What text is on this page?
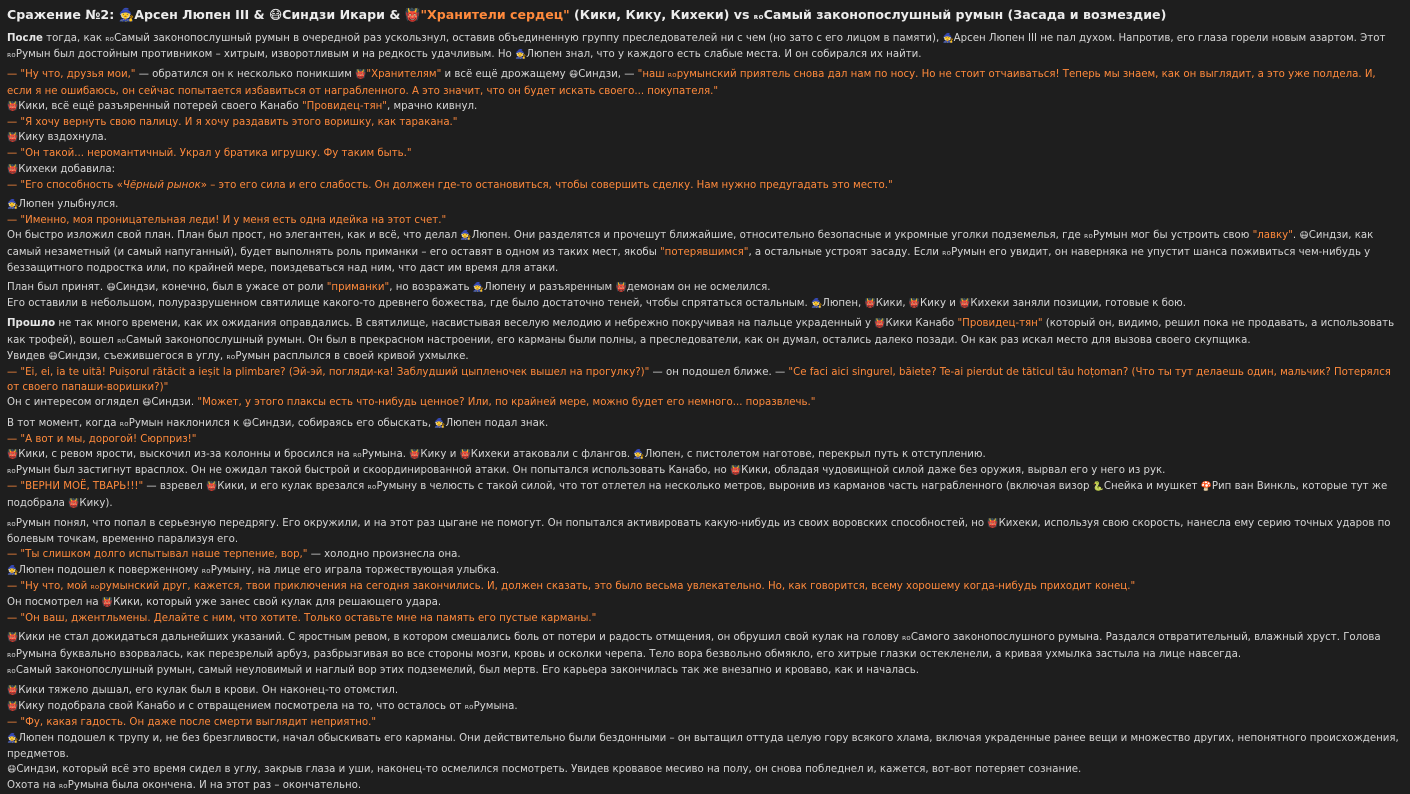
Сражение №2: 🧙Арсен Люпен III & 😷Синдзи Икари & 👹"Хранители сердец" (Кики, Кику, Кихеки) vs ʀᴏСамый законопослушный румын (Засада и возмездие)

После тогда, как ʀᴏСамый законопослушный румын в очередной раз ускользнул, оставив объединенную группу преследователей ни с чем (но зато с его лицом в памяти), 🧙Арсен Люпен III не пал духом. Напротив, его глаза горели новым азартом. Этот ʀᴏРумын был достойным противником – хитрым, изворотливым и на редкость удачливым. Но 🧙Люпен знал, что у каждого есть слабые места. И он собирался их найти.

— "Ну что, друзья мои," — обратился он к несколько поникшим 👹"Хранителям" и всё ещё дрожащему 😷Синдзи, — "наш ʀᴏрумынский приятель снова дал нам по носу. Но не стоит отчаиваться! Теперь мы знаем, как он выглядит, а это уже полдела. И, если я не ошибаюсь, он сейчас попытается избавиться от награбленного. А это значит, что он будет искать своего... покупателя."
👹Кики, всё ещё разъяренный потерей своего Канабо "Провидец-тян", мрачно кивнул.
— "Я хочу вернуть свою палицу. И я хочу раздавить этого воришку, как таракана."
👹Кику вздохнула.
— "Он такой... неромантичный. Украл у братика игрушку. Фу таким быть."
👹Кихеки добавила:
— "Его способность «Чёрный рынок» – это его сила и его слабость. Он должен где-то остановиться, чтобы совершить сделку. Нам нужно предугадать это место."

🧙Люпен улыбнулся.
— "Именно, моя проницательная леди! И у меня есть одна идейка на этот счет."
Он быстро изложил свой план. План был прост, но элегантен, как и всё, что делал 🧙Люпен. Они разделятся и прочешут ближайшие, относительно безопасные и укромные уголки подземелья, где ʀᴏРумын мог бы устроить свою "лавку". 😷Синдзи, как самый незаметный (и самый напуганный), будет выполнять роль приманки – его оставят в одном из таких мест, якобы "потерявшимся", а остальные устроят засаду. Если ʀᴏРумын его увидит, он наверняка не упустит шанса поживиться чем-нибудь у беззащитного подростка или, по крайней мере, поиздеваться над ним, что даст им время для атаки.

План был принят. 😷Синдзи, конечно, был в ужасе от роли "приманки", но возражать 🧙Люпену и разъяренным 👹демонам он не осмелился.
Его оставили в небольшом, полуразрушенном святилище какого-то древнего божества, где было достаточно теней, чтобы спрятаться остальным. 🧙Люпен, 👹Кики, 👹Кику и 👹Кихеки заняли позиции, готовые к бою.

Прошло не так много времени, как их ожидания оправдались. В святилище, насвистывая веселую мелодию и небрежно покручивая на пальце украденный у 👹Кики Канабо "Провидец-тян" (который он, видимо, решил пока не продавать, а использовать как трофей), вошел ʀᴏСамый законопослушный румын. Он был в прекрасном настроении, его карманы были полны, а преследователи, как он думал, остались далеко позади. Он как раз искал место для вызова своего скупщика.
Увидев 😷Синдзи, съежившегося в углу, ʀᴏРумын расплылся в своей кривой ухмылке.
— "Ei, ei, ia te uită! Puișorul rătăcit a ieșit la plimbare? (Эй-эй, погляди-ка! Заблудший цыпленочек вышел на прогулку?)" — он подошел ближе. — "Ce faci aici singurel, băiete? Te-ai pierdut de tăticul tău hoțoman? (Что ты тут делаешь один, мальчик? Потерялся от своего папаши-воришки?)"
Он с интересом оглядел 😷Синдзи. "Может, у этого плаксы есть что-нибудь ценное? Или, по крайней мере, можно будет его немного... поразвлечь."

В тот момент, когда ʀᴏРумын наклонился к 😷Синдзи, собираясь его обыскать, 🧙Люпен подал знак.
— "А вот и мы, дорогой! Сюрприз!"
👹Кики, с ревом ярости, выскочил из-за колонны и бросился на ʀᴏРумына. 👹Кику и 👹Кихеки атаковали с флангов. 🧙Люпен, с пистолетом наготове, перекрыл путь к отступлению.
ʀᴏРумын был застигнут врасплох. Он не ожидал такой быстрой и скоординированной атаки. Он попытался использовать Канабо, но 👹Кики, обладая чудовищной силой даже без оружия, вырвал его у него из рук.
— "ВЕРНИ МОЁ, ТВАРЬ!!!" — взревел 👹Кики, и его кулак врезался ʀᴏРумыну в челюсть с такой силой, что тот отлетел на несколько метров, выронив из карманов часть награбленного (включая визор 🐍Снейка и мушкет 🍄Рип ван Винкль, которые тут же подобрала 👹Кику).

ʀᴏРумын понял, что попал в серьезную передрягу. Его окружили, и на этот раз цыгане не помогут. Он попытался активировать какую-нибудь из своих воровских способностей, но 👹Кихеки, используя свою скорость, нанесла ему серию точных ударов по болевым точкам, временно парализуя его.
— "Ты слишком долго испытывал наше терпение, вор," — холодно произнесла она.
🧙Люпен подошел к поверженному ʀᴏРумыну, на лице его играла торжествующая улыбка.
— "Ну что, мой ʀᴏрумынский друг, кажется, твои приключения на сегодня закончились. И, должен сказать, это было весьма увлекательно. Но, как говорится, всему хорошему когда-нибудь приходит конец."
Он посмотрел на 👹Кики, который уже занес свой кулак для решающего удара.
— "Он ваш, джентльмены. Делайте с ним, что хотите. Только оставьте мне на память его пустые карманы."

👹Кики не стал дожидаться дальнейших указаний. С яростным ревом, в котором смешались боль от потери и радость отмщения, он обрушил свой кулак на голову ʀᴏСамого законопослушного румына. Раздался отвратительный, влажный хруст. Голова ʀᴏРумына буквально взорвалась, как перезрелый арбуз, разбрызгивая во все стороны мозги, кровь и осколки черепа. Тело вора безвольно обмякло, его хитрые глазки остекленели, а кривая ухмылка застыла на лице навсегда.
ʀᴏСамый законопослушный румын, самый неуловимый и наглый вор этих подземелий, был мертв. Его карьера закончилась так же внезапно и кроваво, как и началась.

👹Кики тяжело дышал, его кулак был в крови. Он наконец-то отомстил.
👹Кику подобрала свой Канабо и с отвращением посмотрела на то, что осталось от ʀᴏРумына.
— "Фу, какая гадость. Он даже после смерти выглядит неприятно."
🧙Люпен подошел к трупу и, не без брезгливости, начал обыскивать его карманы. Они действительно были бездонными – он вытащил оттуда целую гору всякого хлама, включая украденные ранее вещи и множество других, непонятного происхождения, предметов.
😷Синдзи, который всё это время сидел в углу, закрыв глаза и уши, наконец-то осмелился посмотреть. Увидев кровавое месиво на полу, он снова побледнел и, кажется, вот-вот потеряет сознание.
Охота на ʀᴏРумына была окончена. И на этот раз – окончательно.
